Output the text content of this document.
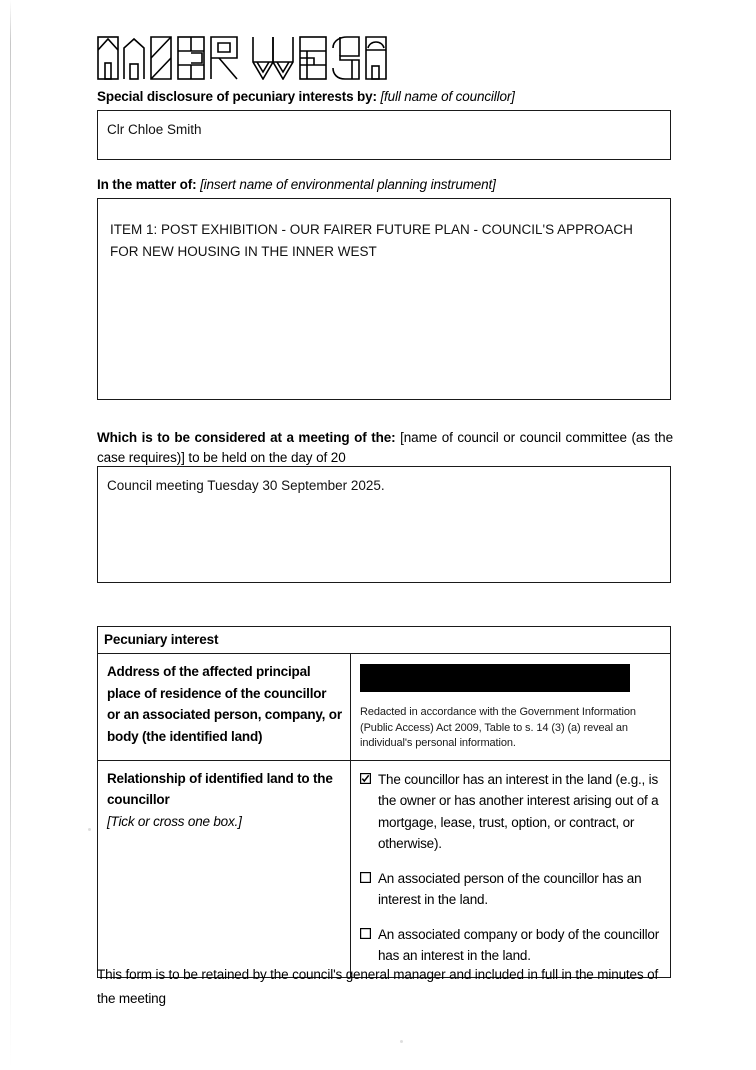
Special disclosure of pecuniary interests by: [full name of councillor]
Clr Chloe Smith
In the matter of: [insert name of environmental planning instrument]
ITEM 1: POST EXHIBITION - OUR FAIRER FUTURE PLAN - COUNCIL'S APPROACH FOR NEW HOUSING IN THE INNER WEST
Which is to be considered at a meeting of the: [name of council or council committee (as the case requires)] to be held on the day of 20
Council meeting Tuesday 30 September 2025.
Pecuniary interest
Address of the affected principal place of residence of the councillor or an associated person, company, or body (the identified land)
Redacted in accordance with the Government Information (Public Access) Act 2009, Table to s. 14 (3) (a) reveal an individual's personal information.
Relationship of identified land to the councillor
[Tick or cross one box.]
The councillor has an interest in the land (e.g., is the owner or has another interest arising out of a mortgage, lease, trust, option, or contract, or otherwise).
An associated person of the councillor has an interest in the land.
An associated company or body of the councillor has an interest in the land.
This form is to be retained by the council's general manager and included in full in the minutes of the meeting
